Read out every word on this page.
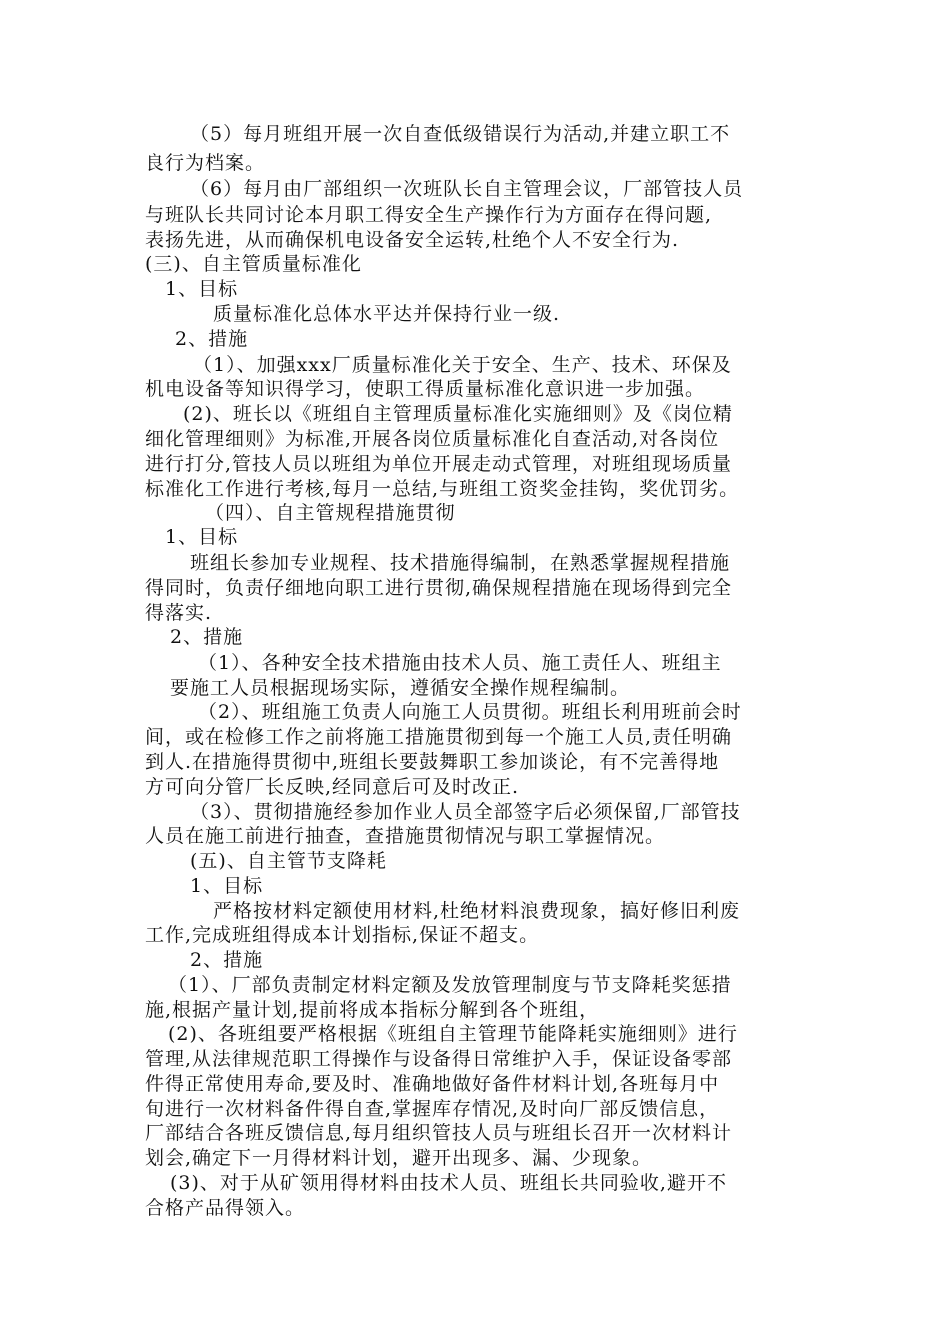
（5）每月班组开展一次自查低级错误行为活动,并建立职工不
良行为档案。
（6）每月由厂部组织一次班队长自主管理会议，厂部管技人员
与班队长共同讨论本月职工得安全生产操作行为方面存在得问题,
表扬先进，从而确保机电设备安全运转,杜绝个人不安全行为.
(三)、自主管质量标准化
1、目标
质量标准化总体水平达并保持行业一级.
2、措施
（1）、加强xxx厂质量标准化关于安全、生产、技术、环保及
机电设备等知识得学习，使职工得质量标准化意识进一步加强。
(2)、班长以《班组自主管理质量标准化实施细则》及《岗位精
细化管理细则》为标准,开展各岗位质量标准化自查活动,对各岗位
进行打分,管技人员以班组为单位开展走动式管理，对班组现场质量
标准化工作进行考核,每月一总结,与班组工资奖金挂钩，奖优罚劣。
（四）、自主管规程措施贯彻
1、目标
班组长参加专业规程、技术措施得编制，在熟悉掌握规程措施
得同时，负责仔细地向职工进行贯彻,确保规程措施在现场得到完全
得落实.
2、措施
（1）、各种安全技术措施由技术人员、施工责任人、班组主
要施工人员根据现场实际，遵循安全操作规程编制。
（2）、班组施工负责人向施工人员贯彻。班组长利用班前会时
间，或在检修工作之前将施工措施贯彻到每一个施工人员,责任明确
到人.在措施得贯彻中,班组长要鼓舞职工参加谈论，有不完善得地
方可向分管厂长反映,经同意后可及时改正.
（3）、贯彻措施经参加作业人员全部签字后必须保留,厂部管技
人员在施工前进行抽查，查措施贯彻情况与职工掌握情况。
(五)、自主管节支降耗
1、目标
严格按材料定额使用材料,杜绝材料浪费现象，搞好修旧利废
工作,完成班组得成本计划指标,保证不超支。
2、措施
（1）、厂部负责制定材料定额及发放管理制度与节支降耗奖惩措
施,根据产量计划,提前将成本指标分解到各个班组，
(2)、各班组要严格根据《班组自主管理节能降耗实施细则》进行
管理,从法律规范职工得操作与设备得日常维护入手，保证设备零部
件得正常使用寿命,要及时、准确地做好备件材料计划,各班每月中
旬进行一次材料备件得自查,掌握库存情况,及时向厂部反馈信息，
厂部结合各班反馈信息,每月组织管技人员与班组长召开一次材料计
划会,确定下一月得材料计划，避开出现多、漏、少现象。
(3)、对于从矿领用得材料由技术人员、班组长共同验收,避开不
合格产品得领入。
